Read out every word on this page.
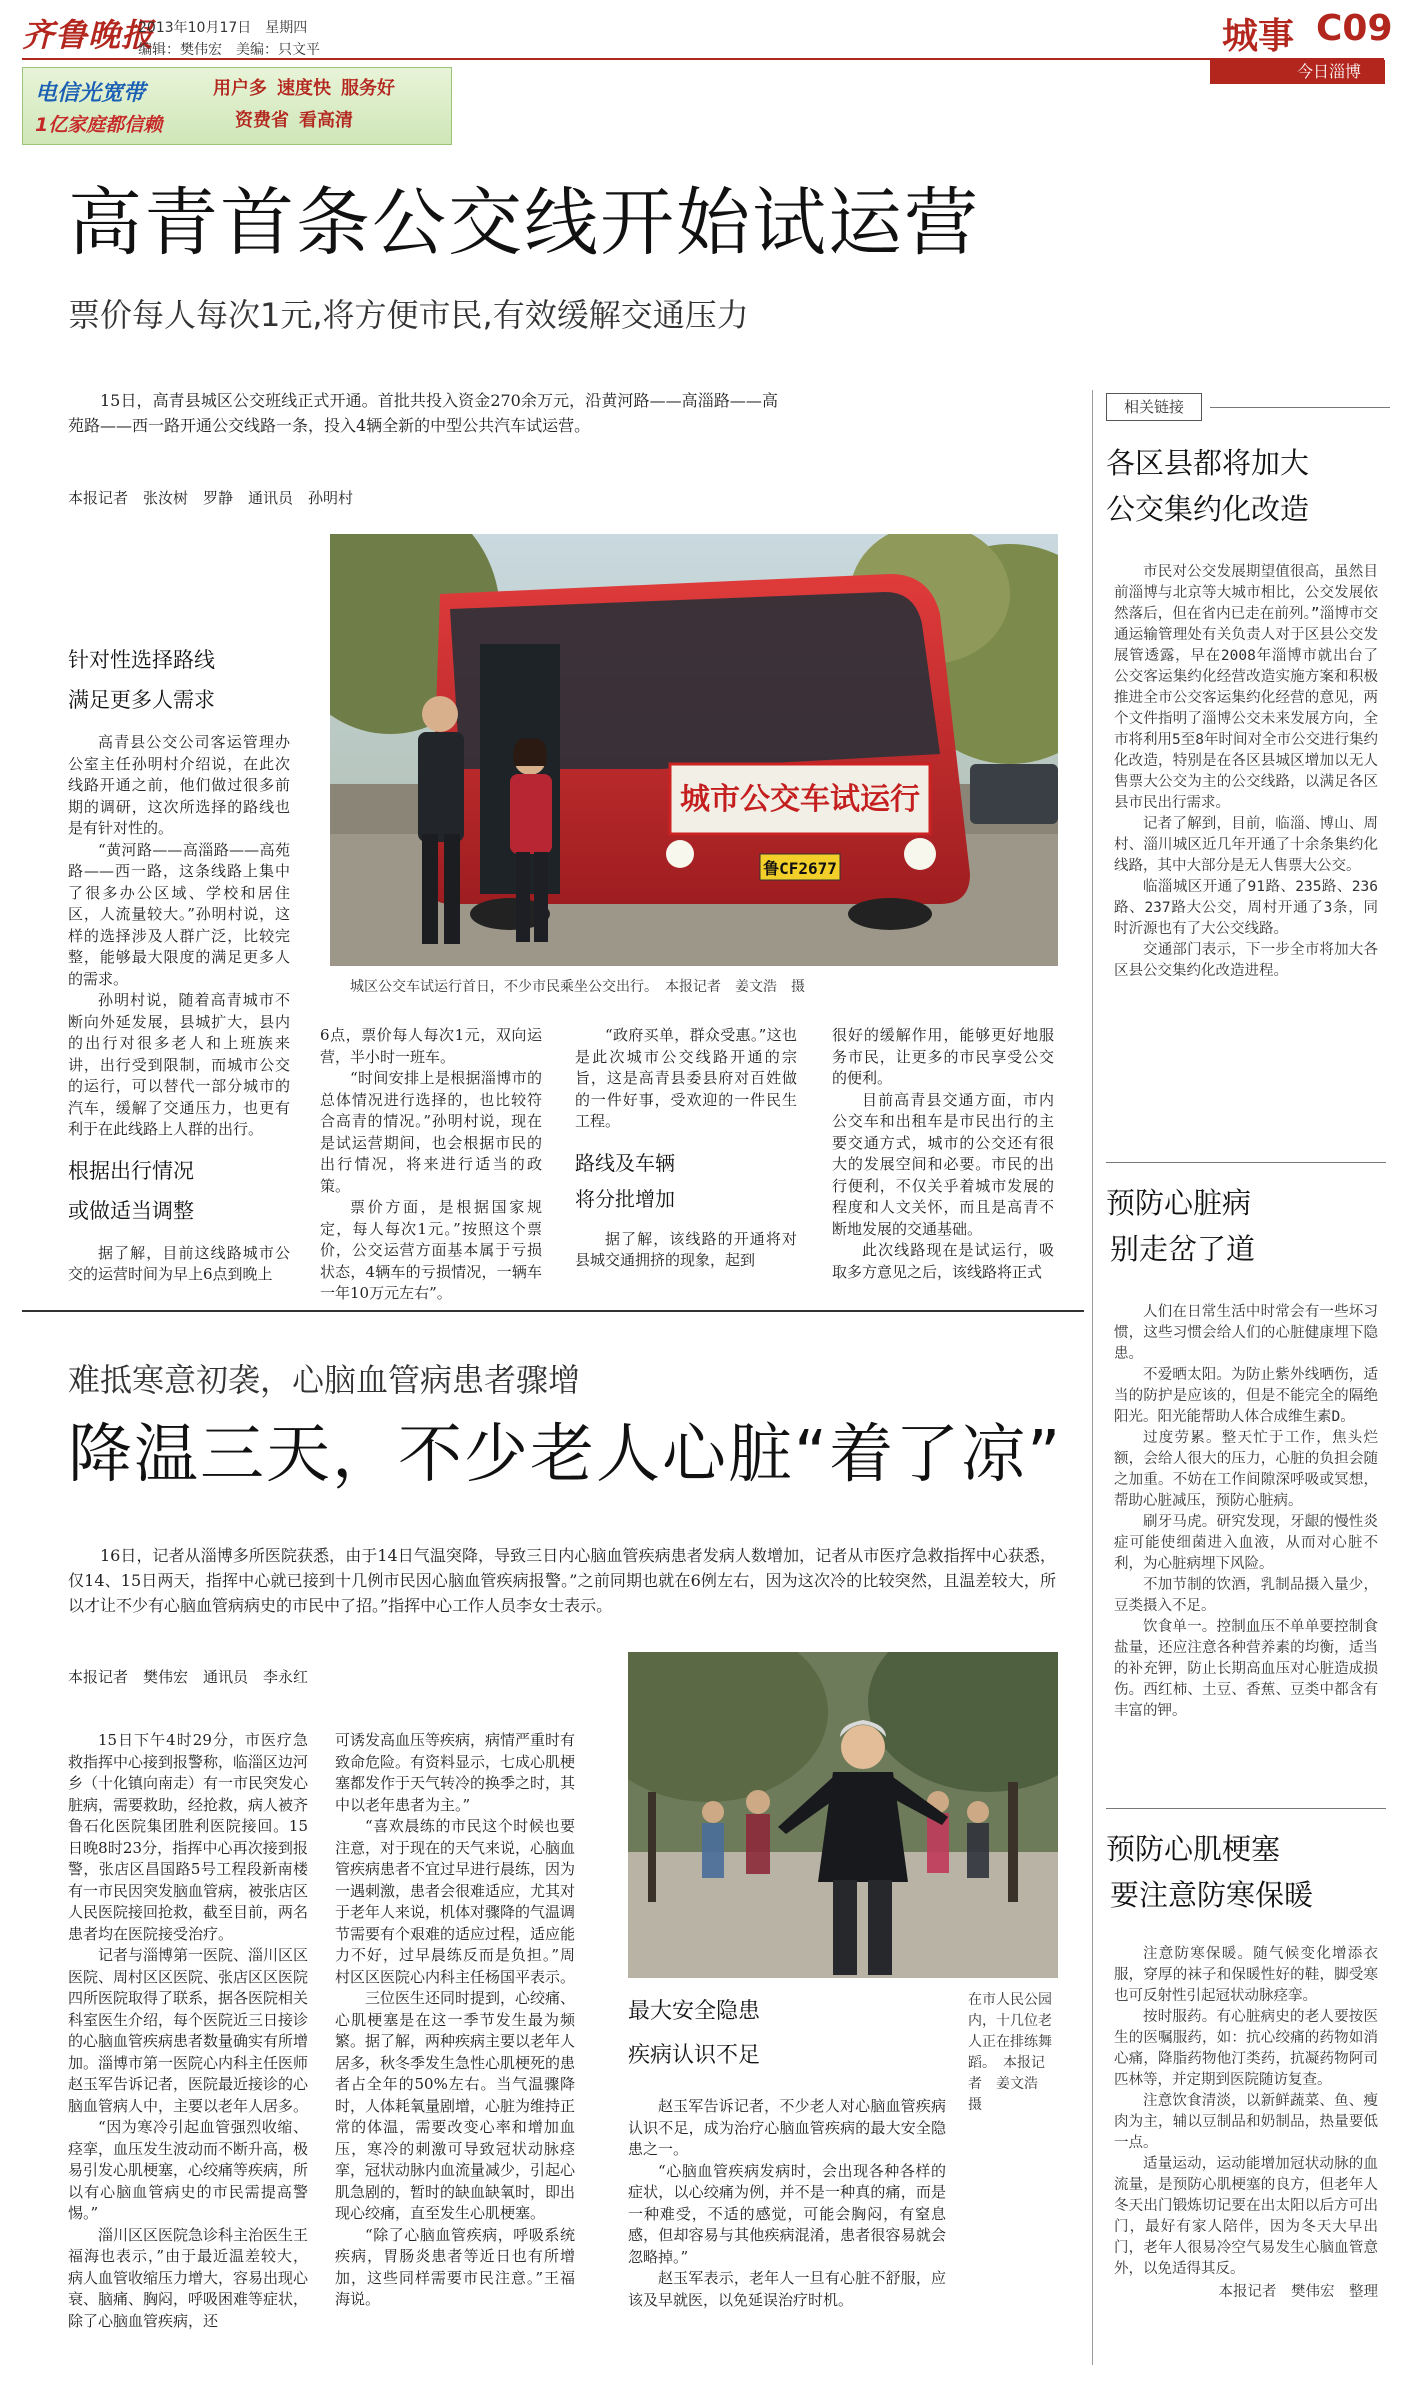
齐鲁晚报
2013年10月17日　星期四
编辑：樊伟宏　美编：只文平	城事 C09
今日淄博
电信光宽带
1亿家庭都信赖
用户多 速度快 服务好
资费省 看高清
高青首条公交线开始试运营
票价每人每次1元,将方便市民,有效缓解交通压力
15日，高青县城区公交班线正式开通。首批共投入资金270余万元，沿黄河路——高淄路——高苑路——西一路开通公交线路一条，投入4辆全新的中型公共汽车试运营。
本报记者　张汝树　罗静　通讯员　孙明村
针对性选择路线
满足更多人需求

高青县公交公司客运管理办公室主任孙明村介绍说，在此次线路开通之前，他们做过很多前期的调研，这次所选择的路线也是有针对性的。

“黄河路——高淄路——高苑路——西一路，这条线路上集中了很多办公区域、学校和居住区，人流量较大。”孙明村说，这样的选择涉及人群广泛，比较完整，能够最大限度的满足更多人的需求。

孙明村说，随着高青城市不断向外延发展，县城扩大，县内的出行对很多老人和上班族来讲，出行受到限制，而城市公交的运行，可以替代一部分城市的汽车，缓解了交通压力，也更有利于在此线路上人群的出行。

根据出行情况
或做适当调整

据了解，目前这线路城市公交的运营时间为早上6点到晚上

城市公交车试运行
鲁CF2677
城区公交车试运行首日，不少市民乘坐公交出行。　本报记者　姜文浩　摄

6点，票价每人每次1元，双向运营，半小时一班车。

“时间安排上是根据淄博市的总体情况进行选择的，也比较符合高青的情况。”孙明村说，现在是试运营期间，也会根据市民的出行情况，将来进行适当的政策。

票价方面，是根据国家规定，每人每次1元。”按照这个票价，公交运营方面基本属于亏损状态，4辆车的亏损情况，一辆车一年10万元左右”。

“政府买单，群众受惠。”这也是此次城市公交线路开通的宗旨，这是高青县委县府对百姓做的一件好事，受欢迎的一件民生工程。

路线及车辆
将分批增加

据了解，该线路的开通将对县城交通拥挤的现象，起到

很好的缓解作用，能够更好地服务市民，让更多的市民享受公交的便利。

目前高青县交通方面，市内公交车和出租车是市民出行的主要交通方式，城市的公交还有很大的发展空间和必要。市民的出行便利，不仅关乎着城市发展的程度和人文关怀，而且是高青不断地发展的交通基础。

此次线路现在是试运行，吸取多方意见之后，该线路将正式

难抵寒意初袭，心脑血管病患者骤增
降温三天，不少老人心脏“着了凉”
16日，记者从淄博多所医院获悉，由于14日气温突降，导致三日内心脑血管疾病患者发病人数增加，记者从市医疗急救指挥中心获悉，仅14、15日两天，指挥中心就已接到十几例市民因心脑血管疾病报警。”之前同期也就在6例左右，因为这次冷的比较突然，且温差较大，所以才让不少有心脑血管病病史的市民中了招。”指挥中心工作人员李女士表示。
本报记者　樊伟宏　通讯员　李永红

15日下午4时29分，市医疗急救指挥中心接到报警称，临淄区边河乡（十化镇向南走）有一市民突发心脏病，需要救助，经抢救，病人被齐鲁石化医院集团胜利医院接回。15日晚8时23分，指挥中心再次接到报警，张店区昌国路5号工程段新南楼有一市民因突发脑血管病，被张店区人民医院接回抢救，截至目前，两名患者均在医院接受治疗。

记者与淄博第一医院、淄川区区医院、周村区区医院、张店区区医院四所医院取得了联系，据各医院相关科室医生介绍，每个医院近三日接诊的心脑血管疾病患者数量确实有所增加。淄博市第一医院心内科主任医师赵玉军告诉记者，医院最近接诊的心脑血管病人中，主要以老年人居多。

“因为寒冷引起血管强烈收缩、痉挛，血压发生波动而不断升高，极易引发心肌梗塞，心绞痛等疾病，所以有心脑血管病史的市民需提高警惕。”

淄川区区医院急诊科主治医生王福海也表示，”由于最近温差较大，病人血管收缩压力增大，容易出现心衰、脑痛、胸闷，呼吸困难等症状，除了心脑血管疾病，还

可诱发高血压等疾病，病情严重时有致命危险。有资料显示，七成心肌梗塞都发作于天气转冷的换季之时，其中以老年患者为主。”

“喜欢晨练的市民这个时候也要注意，对于现在的天气来说，心脑血管疾病患者不宜过早进行晨练，因为一遇刺激，患者会很难适应，尤其对于老年人来说，机体对骤降的气温调节需要有个艰难的适应过程，适应能力不好，过早晨练反而是负担。”周村区区医院心内科主任杨国平表示。

三位医生还同时提到，心绞痛、心肌梗塞是在这一季节发生最为频繁。据了解，两种疾病主要以老年人居多，秋冬季发生急性心肌梗死的患者占全年的50%左右。当气温骤降时，人体耗氧量剧增，心脏为维持正常的体温，需要改变心率和增加血压，寒冷的刺激可导致冠状动脉痉挛，冠状动脉内血流量减少，引起心肌急剧的，暂时的缺血缺氧时，即出现心绞痛，直至发生心肌梗塞。

“除了心脑血管疾病，呼吸系统疾病，胃肠炎患者等近日也有所增加，这些同样需要市民注意。”王福海说。

在市人民公园内，十几位老人正在排练舞蹈。　本报记者　姜文浩　摄
最大安全隐患
疾病认识不足

赵玉军告诉记者，不少老人对心脑血管疾病认识不足，成为治疗心脑血管疾病的最大安全隐患之一。

“心脑血管疾病发病时，会出现各种各样的症状，以心绞痛为例，并不是一种真的痛，而是一种难受，不适的感觉，可能会胸闷，有窒息感，但却容易与其他疾病混淆，患者很容易就会忽略掉。”

赵玉军表示，老年人一旦有心脏不舒服，应该及早就医，以免延误治疗时机。

相关链接
各区县都将加大
公交集约化改造

市民对公交发展期望值很高，虽然目前淄博与北京等大城市相比，公交发展依然落后，但在省内已走在前列。”淄博市交通运输管理处有关负责人对于区县公交发展管透露，早在2008年淄博市就出台了公交客运集约化经营改造实施方案和积极推进全市公交客运集约化经营的意见，两个文件指明了淄博公交未来发展方向，全市将利用5至8年时间对全市公交进行集约化改造，特别是在各区县城区增加以无人售票大公交为主的公交线路，以满足各区县市民出行需求。

记者了解到，目前，临淄、博山、周村、淄川城区近几年开通了十余条集约化线路，其中大部分是无人售票大公交。

临淄城区开通了91路、235路、236路、237路大公交，周村开通了3条，同时沂源也有了大公交线路。

交通部门表示，下一步全市将加大各区县公交集约化改造进程。

预防心脏病
别走岔了道

人们在日常生活中时常会有一些坏习惯，这些习惯会给人们的心脏健康埋下隐患。

不爱晒太阳。为防止紫外线晒伤，适当的防护是应该的，但是不能完全的隔绝阳光。阳光能帮助人体合成维生素D。

过度劳累。整天忙于工作，焦头烂额，会给人很大的压力，心脏的负担会随之加重。不妨在工作间隙深呼吸或冥想，帮助心脏减压，预防心脏病。

刷牙马虎。研究发现，牙龈的慢性炎症可能使细菌进入血液，从而对心脏不利，为心脏病埋下风险。

不加节制的饮酒，乳制品摄入量少，豆类摄入不足。

饮食单一。控制血压不单单要控制食盐量，还应注意各种营养素的均衡，适当的补充钾，防止长期高血压对心脏造成损伤。西红柿、土豆、香蕉、豆类中都含有丰富的钾。

预防心肌梗塞
要注意防寒保暖

注意防寒保暖。随气候变化增添衣服，穿厚的袜子和保暖性好的鞋，脚受寒也可反射性引起冠状动脉痉挛。

按时服药。有心脏病史的老人要按医生的医嘱服药，如：抗心绞痛的药物如消心痛，降脂药物他汀类药，抗凝药物阿司匹林等，并定期到医院随访复查。

注意饮食清淡，以新鲜蔬菜、鱼、瘦肉为主，辅以豆制品和奶制品，热量要低一点。

适量运动，运动能增加冠状动脉的血流量，是预防心肌梗塞的良方，但老年人冬天出门锻炼切记要在出太阳以后方可出门，最好有家人陪伴，因为冬天大早出门，老年人很易冷空气易发生心脑血管意外，以免适得其反。

本报记者　樊伟宏　整理
